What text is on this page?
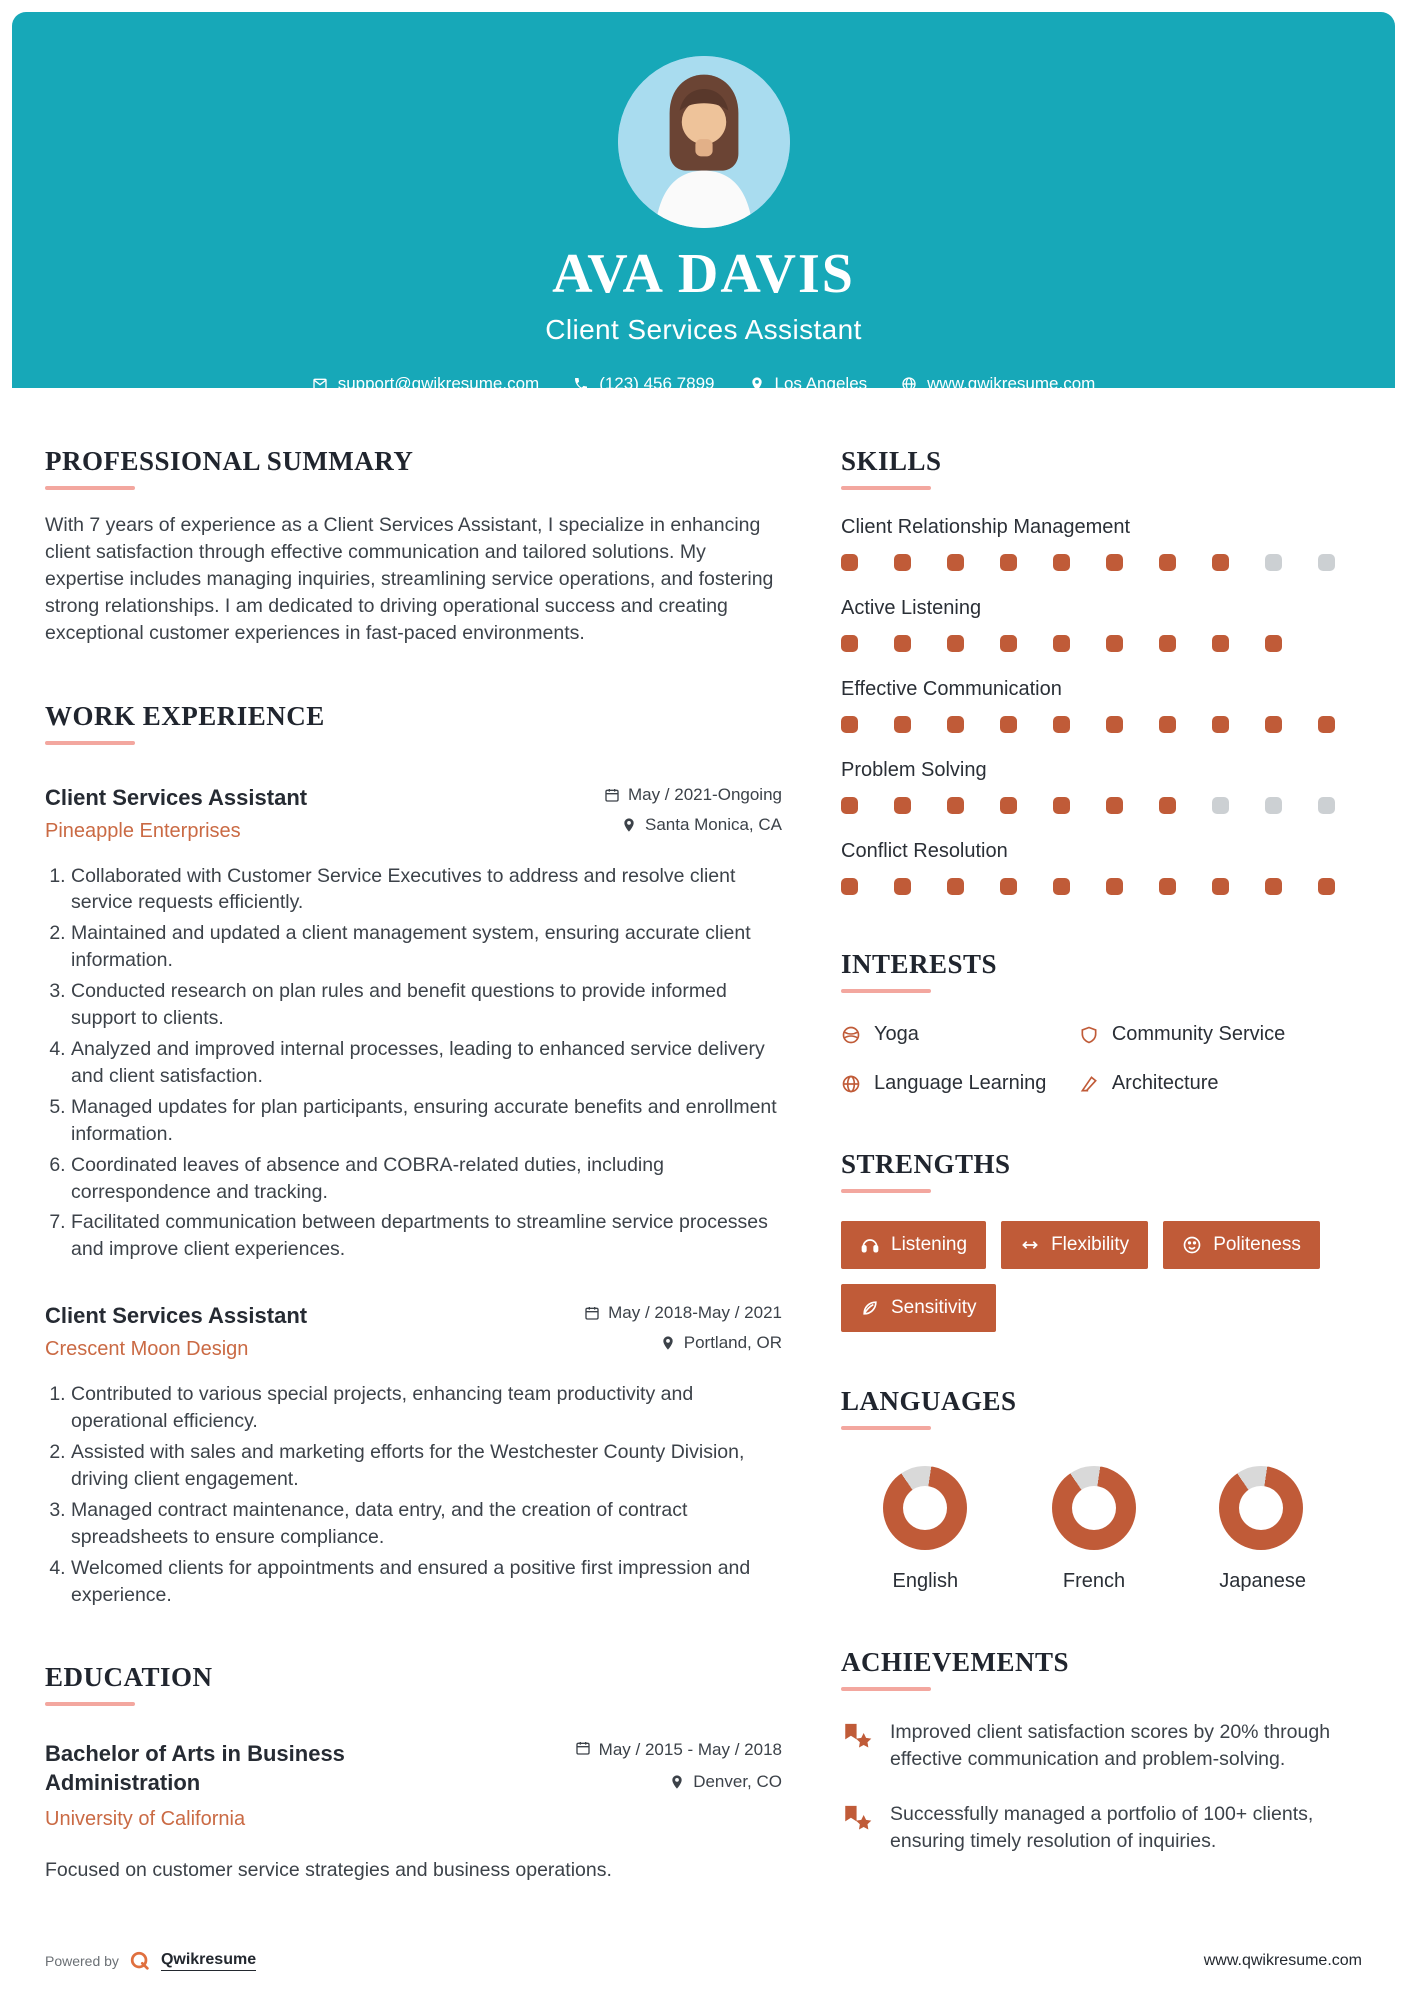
AVA DAVIS
Client Services Assistant
support@qwikresume.com	(123) 456 7899	Los Angeles	www.qwikresume.com
PROFESSIONAL SUMMARY

With 7 years of experience as a Client Services Assistant, I specialize in enhancing client satisfaction through effective communication and tailored solutions. My expertise includes managing inquiries, streamlining service operations, and fostering strong relationships. I am dedicated to driving operational success and creating exceptional customer experiences in fast-paced environments.

WORK EXPERIENCE
Client Services Assistant
Pineapple Enterprises
May / 2021-Ongoing
Santa Monica, CA
1. Collaborated with Customer Service Executives to address and resolve client service requests efficiently.
2. Maintained and updated a client management system, ensuring accurate client information.
3. Conducted research on plan rules and benefit questions to provide informed support to clients.
4. Analyzed and improved internal processes, leading to enhanced service delivery and client satisfaction.
5. Managed updates for plan participants, ensuring accurate benefits and enrollment information.
6. Coordinated leaves of absence and COBRA-related duties, including correspondence and tracking.
7. Facilitated communication between departments to streamline service processes and improve client experiences.
Client Services Assistant
Crescent Moon Design
May / 2018-May / 2021
Portland, OR
1. Contributed to various special projects, enhancing team productivity and operational efficiency.
2. Assisted with sales and marketing efforts for the Westchester County Division, driving client engagement.
3. Managed contract maintenance, data entry, and the creation of contract spreadsheets to ensure compliance.
4. Welcomed clients for appointments and ensured a positive first impression and experience.
EDUCATION
Bachelor of Arts in Business Administration
University of California
May / 2015 - May / 2018
Denver, CO

Focused on customer service strategies and business operations.

SKILLS
Client Relationship Management
Active Listening
Effective Communication
Problem Solving
Conflict Resolution
INTERESTS
Yoga	Community Service
Language Learning	Architecture
STRENGTHS
Listening	Flexibility	Politeness
Sensitivity
LANGUAGES
English	French	Japanese
ACHIEVEMENTS

Improved client satisfaction scores by 20% through effective communication and problem-solving.

Successfully managed a portfolio of 100+ clients, ensuring timely resolution of inquiries.

Powered by	Qwikresume	www.qwikresume.com
